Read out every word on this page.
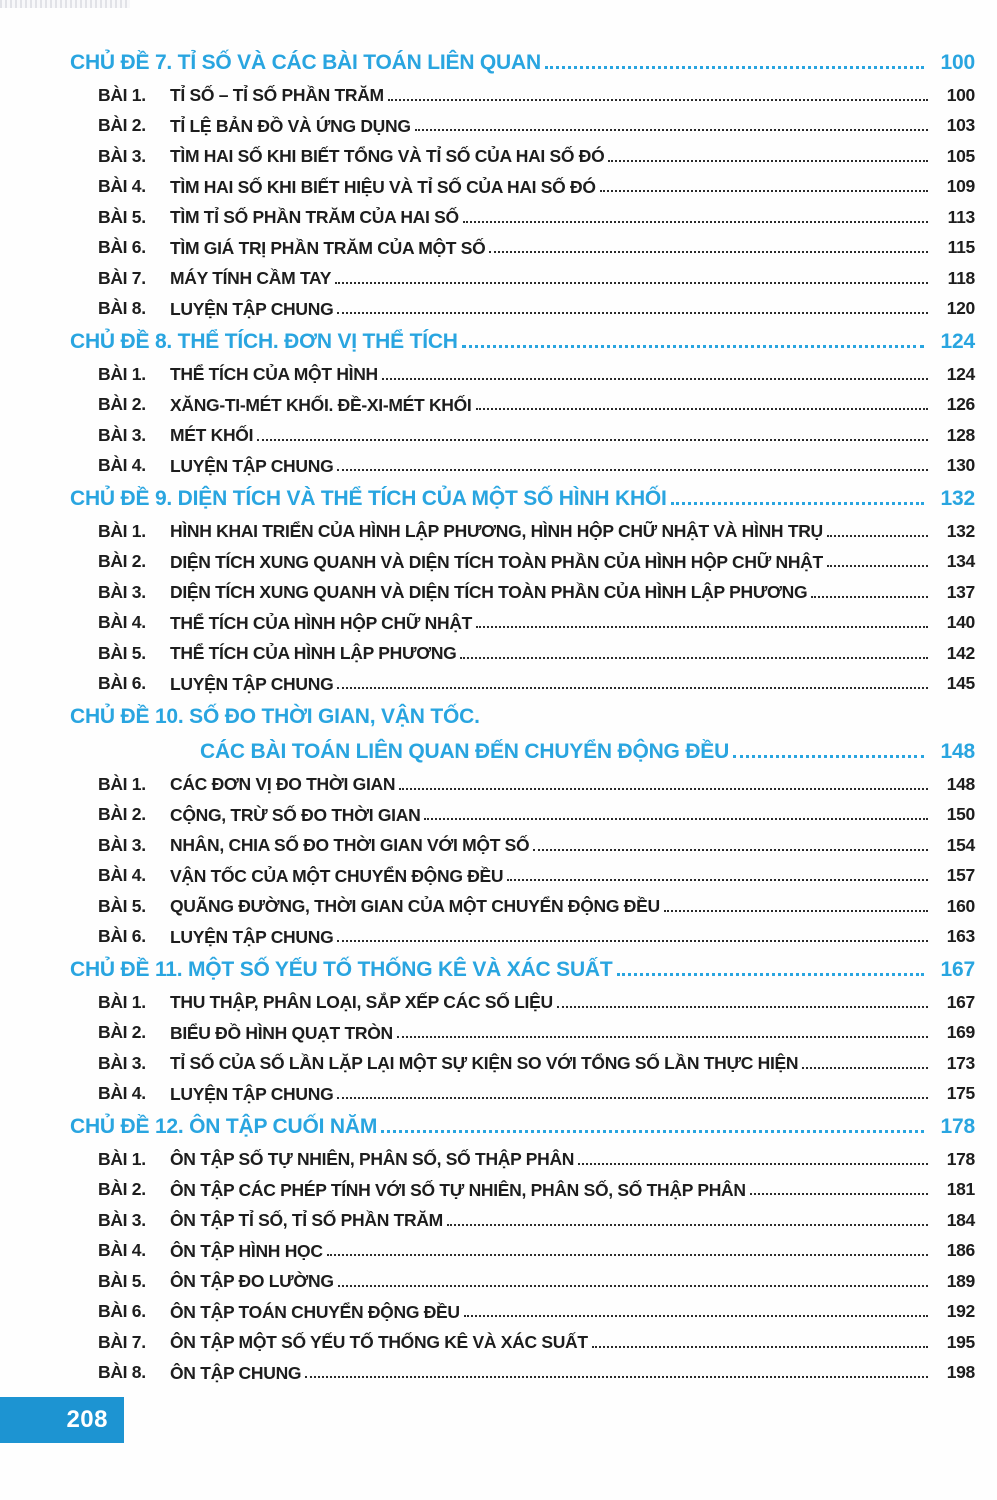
CHỦ ĐỀ 7. TỈ SỐ VÀ CÁC BÀI TOÁN LIÊN QUAN	100
BÀI 1.	TỈ SỐ – TỈ SỐ PHẦN TRĂM	100
BÀI 2.	TỈ LỆ BẢN ĐỒ VÀ ỨNG DỤNG	103
BÀI 3.	TÌM HAI SỐ KHI BIẾT TỔNG VÀ TỈ SỐ CỦA HAI SỐ ĐÓ	105
BÀI 4.	TÌM HAI SỐ KHI BIẾT HIỆU VÀ TỈ SỐ CỦA HAI SỐ ĐÓ	109
BÀI 5.	TÌM TỈ SỐ PHẦN TRĂM CỦA HAI SỐ	113
BÀI 6.	TÌM GIÁ TRỊ PHẦN TRĂM CỦA MỘT SỐ	115
BÀI 7.	MÁY TÍNH CẦM TAY	118
BÀI 8.	LUYỆN TẬP CHUNG	120
CHỦ ĐỀ 8. THỂ TÍCH. ĐƠN VỊ THỂ TÍCH	124
BÀI 1.	THỂ TÍCH CỦA MỘT HÌNH	124
BÀI 2.	XĂNG-TI-MÉT KHỐI. ĐỀ-XI-MÉT KHỐI	126
BÀI 3.	MÉT KHỐI	128
BÀI 4.	LUYỆN TẬP CHUNG	130
CHỦ ĐỀ 9. DIỆN TÍCH VÀ THỂ TÍCH CỦA MỘT SỐ HÌNH KHỐI	132
BÀI 1.	HÌNH KHAI TRIỂN CỦA HÌNH LẬP PHƯƠNG, HÌNH HỘP CHỮ NHẬT VÀ HÌNH TRỤ	132
BÀI 2.	DIỆN TÍCH XUNG QUANH VÀ DIỆN TÍCH TOÀN PHẦN CỦA HÌNH HỘP CHỮ NHẬT	134
BÀI 3.	DIỆN TÍCH XUNG QUANH VÀ DIỆN TÍCH TOÀN PHẦN CỦA HÌNH LẬP PHƯƠNG	137
BÀI 4.	THỂ TÍCH CỦA HÌNH HỘP CHỮ NHẬT	140
BÀI 5.	THỂ TÍCH CỦA HÌNH LẬP PHƯƠNG	142
BÀI 6.	LUYỆN TẬP CHUNG	145
CHỦ ĐỀ 10. SỐ ĐO THỜI GIAN, VẬN TỐC.
CÁC BÀI TOÁN LIÊN QUAN ĐẾN CHUYỂN ĐỘNG ĐỀU	148
BÀI 1.	CÁC ĐƠN VỊ ĐO THỜI GIAN	148
BÀI 2.	CỘNG, TRỪ SỐ ĐO THỜI GIAN	150
BÀI 3.	NHÂN, CHIA SỐ ĐO THỜI GIAN VỚI MỘT SỐ	154
BÀI 4.	VẬN TỐC CỦA MỘT CHUYỂN ĐỘNG ĐỀU	157
BÀI 5.	QUÃNG ĐƯỜNG, THỜI GIAN CỦA MỘT CHUYỂN ĐỘNG ĐỀU	160
BÀI 6.	LUYỆN TẬP CHUNG	163
CHỦ ĐỀ 11. MỘT SỐ YẾU TỐ THỐNG KÊ VÀ XÁC SUẤT	167
BÀI 1.	THU THẬP, PHÂN LOẠI, SẮP XẾP CÁC SỐ LIỆU	167
BÀI 2.	BIỂU ĐỒ HÌNH QUẠT TRÒN	169
BÀI 3.	TỈ SỐ CỦA SỐ LẦN LẶP LẠI MỘT SỰ KIỆN SO VỚI TỔNG SỐ LẦN THỰC HIỆN	173
BÀI 4.	LUYỆN TẬP CHUNG	175
CHỦ ĐỀ 12. ÔN TẬP CUỐI NĂM	178
BÀI 1.	ÔN TẬP SỐ TỰ NHIÊN, PHÂN SỐ, SỐ THẬP PHÂN	178
BÀI 2.	ÔN TẬP CÁC PHÉP TÍNH VỚI SỐ TỰ NHIÊN, PHÂN SỐ, SỐ THẬP PHÂN	181
BÀI 3.	ÔN TẬP TỈ SỐ, TỈ SỐ PHẦN TRĂM	184
BÀI 4.	ÔN TẬP HÌNH HỌC	186
BÀI 5.	ÔN TẬP ĐO LƯỜNG	189
BÀI 6.	ÔN TẬP TOÁN CHUYỂN ĐỘNG ĐỀU	192
BÀI 7.	ÔN TẬP MỘT SỐ YẾU TỐ THỐNG KÊ VÀ XÁC SUẤT	195
BÀI 8.	ÔN TẬP CHUNG	198
208
